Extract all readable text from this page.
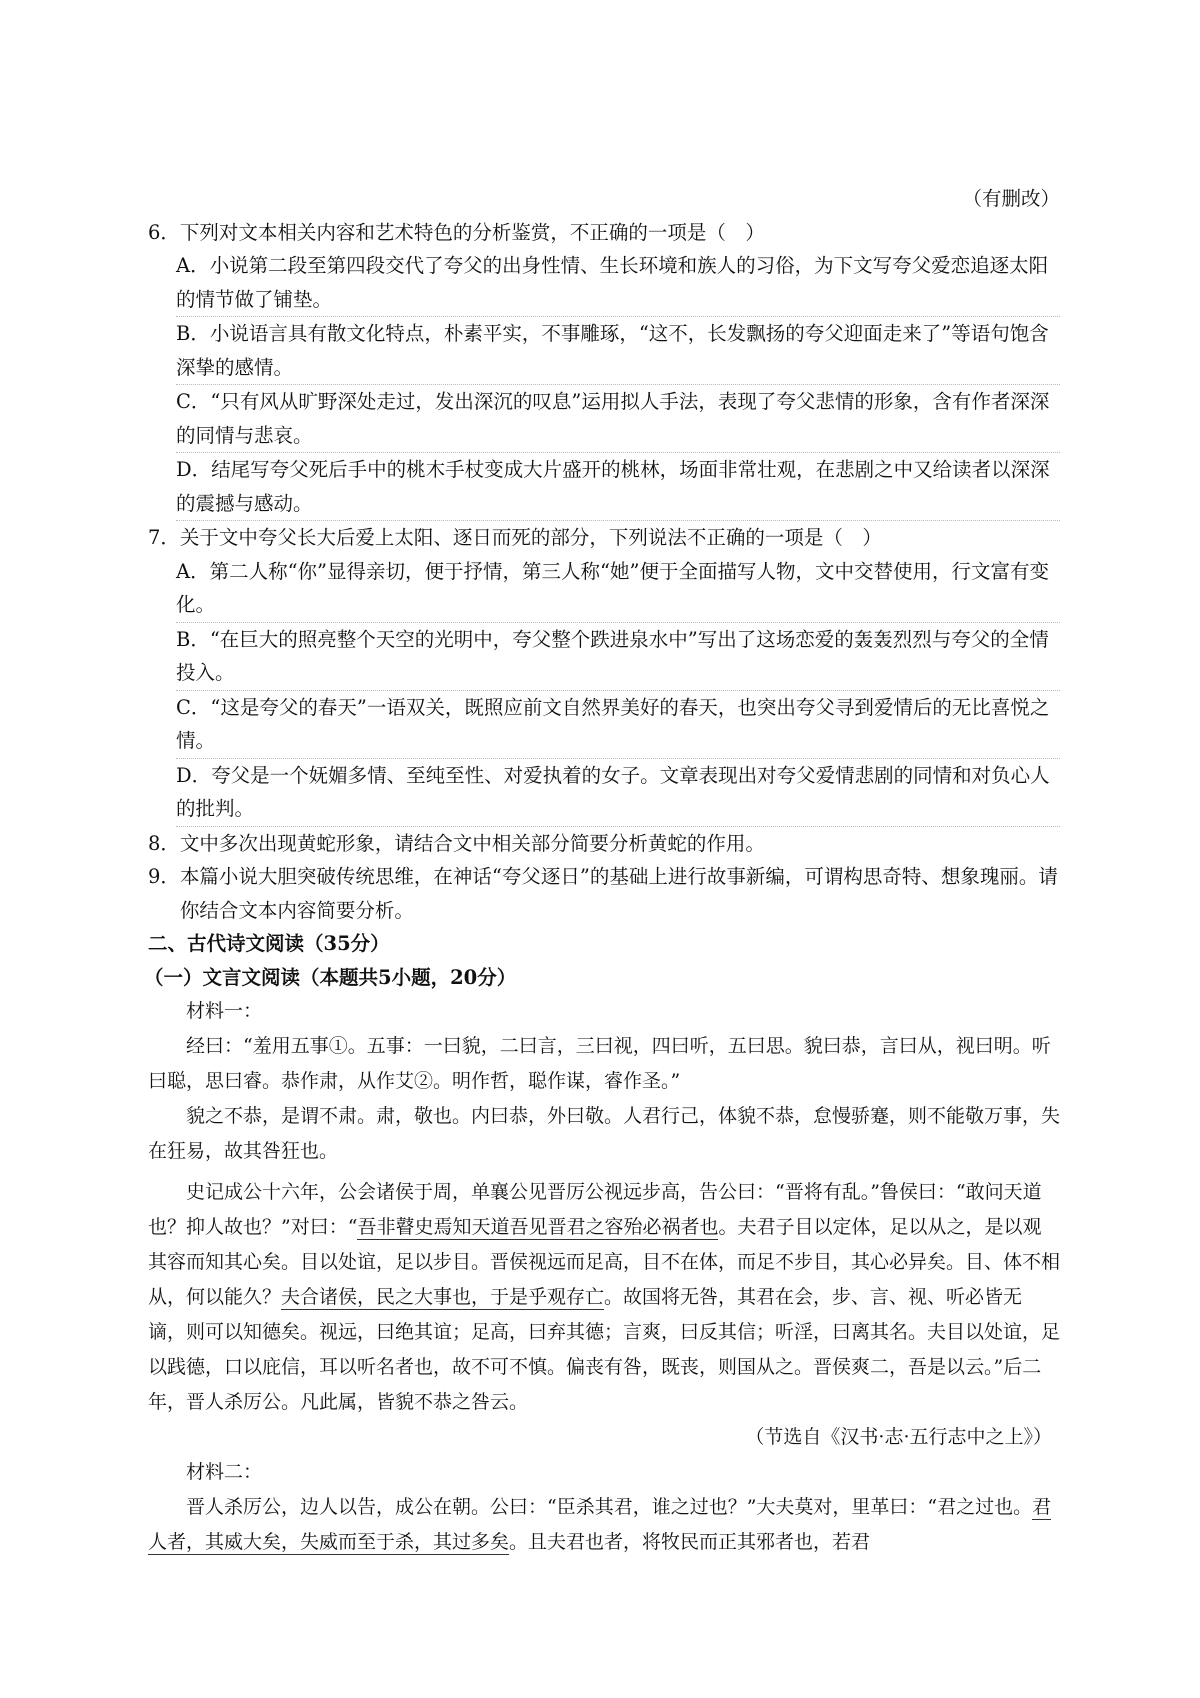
（有删改）
6． 下列对文本相关内容和艺术特色的分析鉴赏，不正确的一项是（　）
A．小说第二段至第四段交代了夸父的出身性情、生长环境和族人的习俗，为下文写夸父爱恋追逐太阳的情节做了铺垫。
B．小说语言具有散文化特点，朴素平实，不事雕琢，“这不，长发飘扬的夸父迎面走来了”等语句饱含深挚的感情。
C．“只有风从旷野深处走过，发出深沉的叹息”运用拟人手法，表现了夸父悲情的形象，含有作者深深的同情与悲哀。
D．结尾写夸父死后手中的桃木手杖变成大片盛开的桃林，场面非常壮观，在悲剧之中又给读者以深深的震撼与感动。
7． 关于文中夸父长大后爱上太阳、逐日而死的部分，下列说法不正确的一项是（　）
A．第二人称“你”显得亲切，便于抒情，第三人称“她”便于全面描写人物，文中交替使用，行文富有变化。
B．“在巨大的照亮整个天空的光明中，夸父整个跌进泉水中”写出了这场恋爱的轰轰烈烈与夸父的全情投入。
C．“这是夸父的春天”一语双关，既照应前文自然界美好的春天，也突出夸父寻到爱情后的无比喜悦之情。
D．夸父是一个妩媚多情、至纯至性、对爱执着的女子。文章表现出对夸父爱情悲剧的同情和对负心人的批判。
8． 文中多次出现黄蛇形象，请结合文中相关部分简要分析黄蛇的作用。
9． 本篇小说大胆突破传统思维，在神话“夸父逐日”的基础上进行故事新编，可谓构思奇特、想象瑰丽。请你结合文本内容简要分析。
二、古代诗文阅读（35分）
（一）文言文阅读（本题共5小题，20分）
材料一：
经曰：“羞用五事①。五事：一曰貌，二曰言，三曰视，四曰听，五曰思。貌曰恭，言曰从，视曰明。听曰聪，思曰睿。恭作肃，从作艾②。明作哲，聪作谋，睿作圣。”
貌之不恭，是谓不肃。肃，敬也。内曰恭，外曰敬。人君行己，体貌不恭，怠慢骄蹇，则不能敬万事，失在狂易，故其咎狂也。
史记成公十六年，公会诸侯于周，单襄公见晋厉公视远步高，告公曰：“晋将有乱。”鲁侯曰：“敢问天道也？抑人故也？”对曰：“吾非瞽史焉知天道吾见晋君之容殆必祸者也。夫君子目以定体，足以从之，是以观其容而知其心矣。目以处谊，足以步目。晋侯视远而足高，目不在体，而足不步目，其心必异矣。目、体不相从，何以能久？夫合诸侯，民之大事也，于是乎观存亡。故国将无咎，其君在会，步、言、视、听必皆无谪，则可以知德矣。视远，曰绝其谊；足高，曰弃其德；言爽，曰反其信；听淫，曰离其名。夫目以处谊，足以践德，口以庇信，耳以听名者也，故不可不慎。偏丧有咎，既丧，则国从之。晋侯爽二，吾是以云。”后二年，晋人杀厉公。凡此属，皆貌不恭之咎云。
（节选自《汉书·志·五行志中之上》）
材料二：
晋人杀厉公，边人以告，成公在朝。公曰：“臣杀其君，谁之过也？”大夫莫对，里革曰：“君之过也。君人者，其威大矣，失威而至于杀，其过多矣。且夫君也者，将牧民而正其邪者也，若君
